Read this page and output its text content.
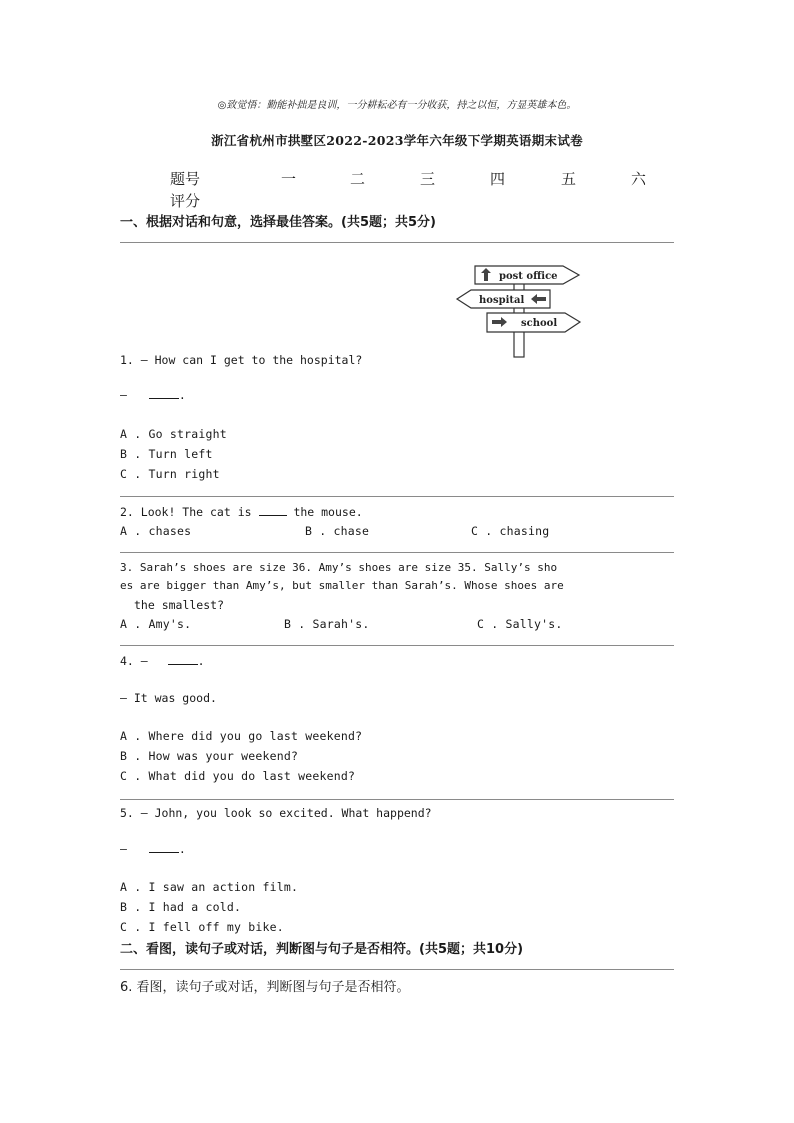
◎致觉悟：勤能补拙是良训，一分耕耘必有一分收获，持之以恒，方显英雄本色。
浙江省杭州市拱墅区2022-2023学年六年级下学期英语期末试卷
题号	一	二	三	四	五	六
评分
一、根据对话和句意，选择最佳答案。(共5题；共5分)
post office
hospital
school
1. — How can I get to the hospital?
—	.
A . Go straight
B . Turn left
C . Turn right
2. Look! The cat is	the mouse.
A . chases	B . chase	C . chasing
3. Sarah’s shoes are size 36. Amy’s shoes are size 35. Sally’s sho
es are bigger than Amy’s, but smaller than Sarah’s. Whose shoes are
the smallest?
A . Amy's.	B . Sarah's.	C . Sally's.
4. —	.
— It was good.
A . Where did you go last weekend?
B . How was your weekend?
C . What did you do last weekend?
5. — John, you look so excited. What happend?
—	.
A . I saw an action film.
B . I had a cold.
C . I fell off my bike.
二、看图，读句子或对话，判断图与句子是否相符。(共5题；共10分)
6. 看图，读句子或对话，判断图与句子是否相符。
